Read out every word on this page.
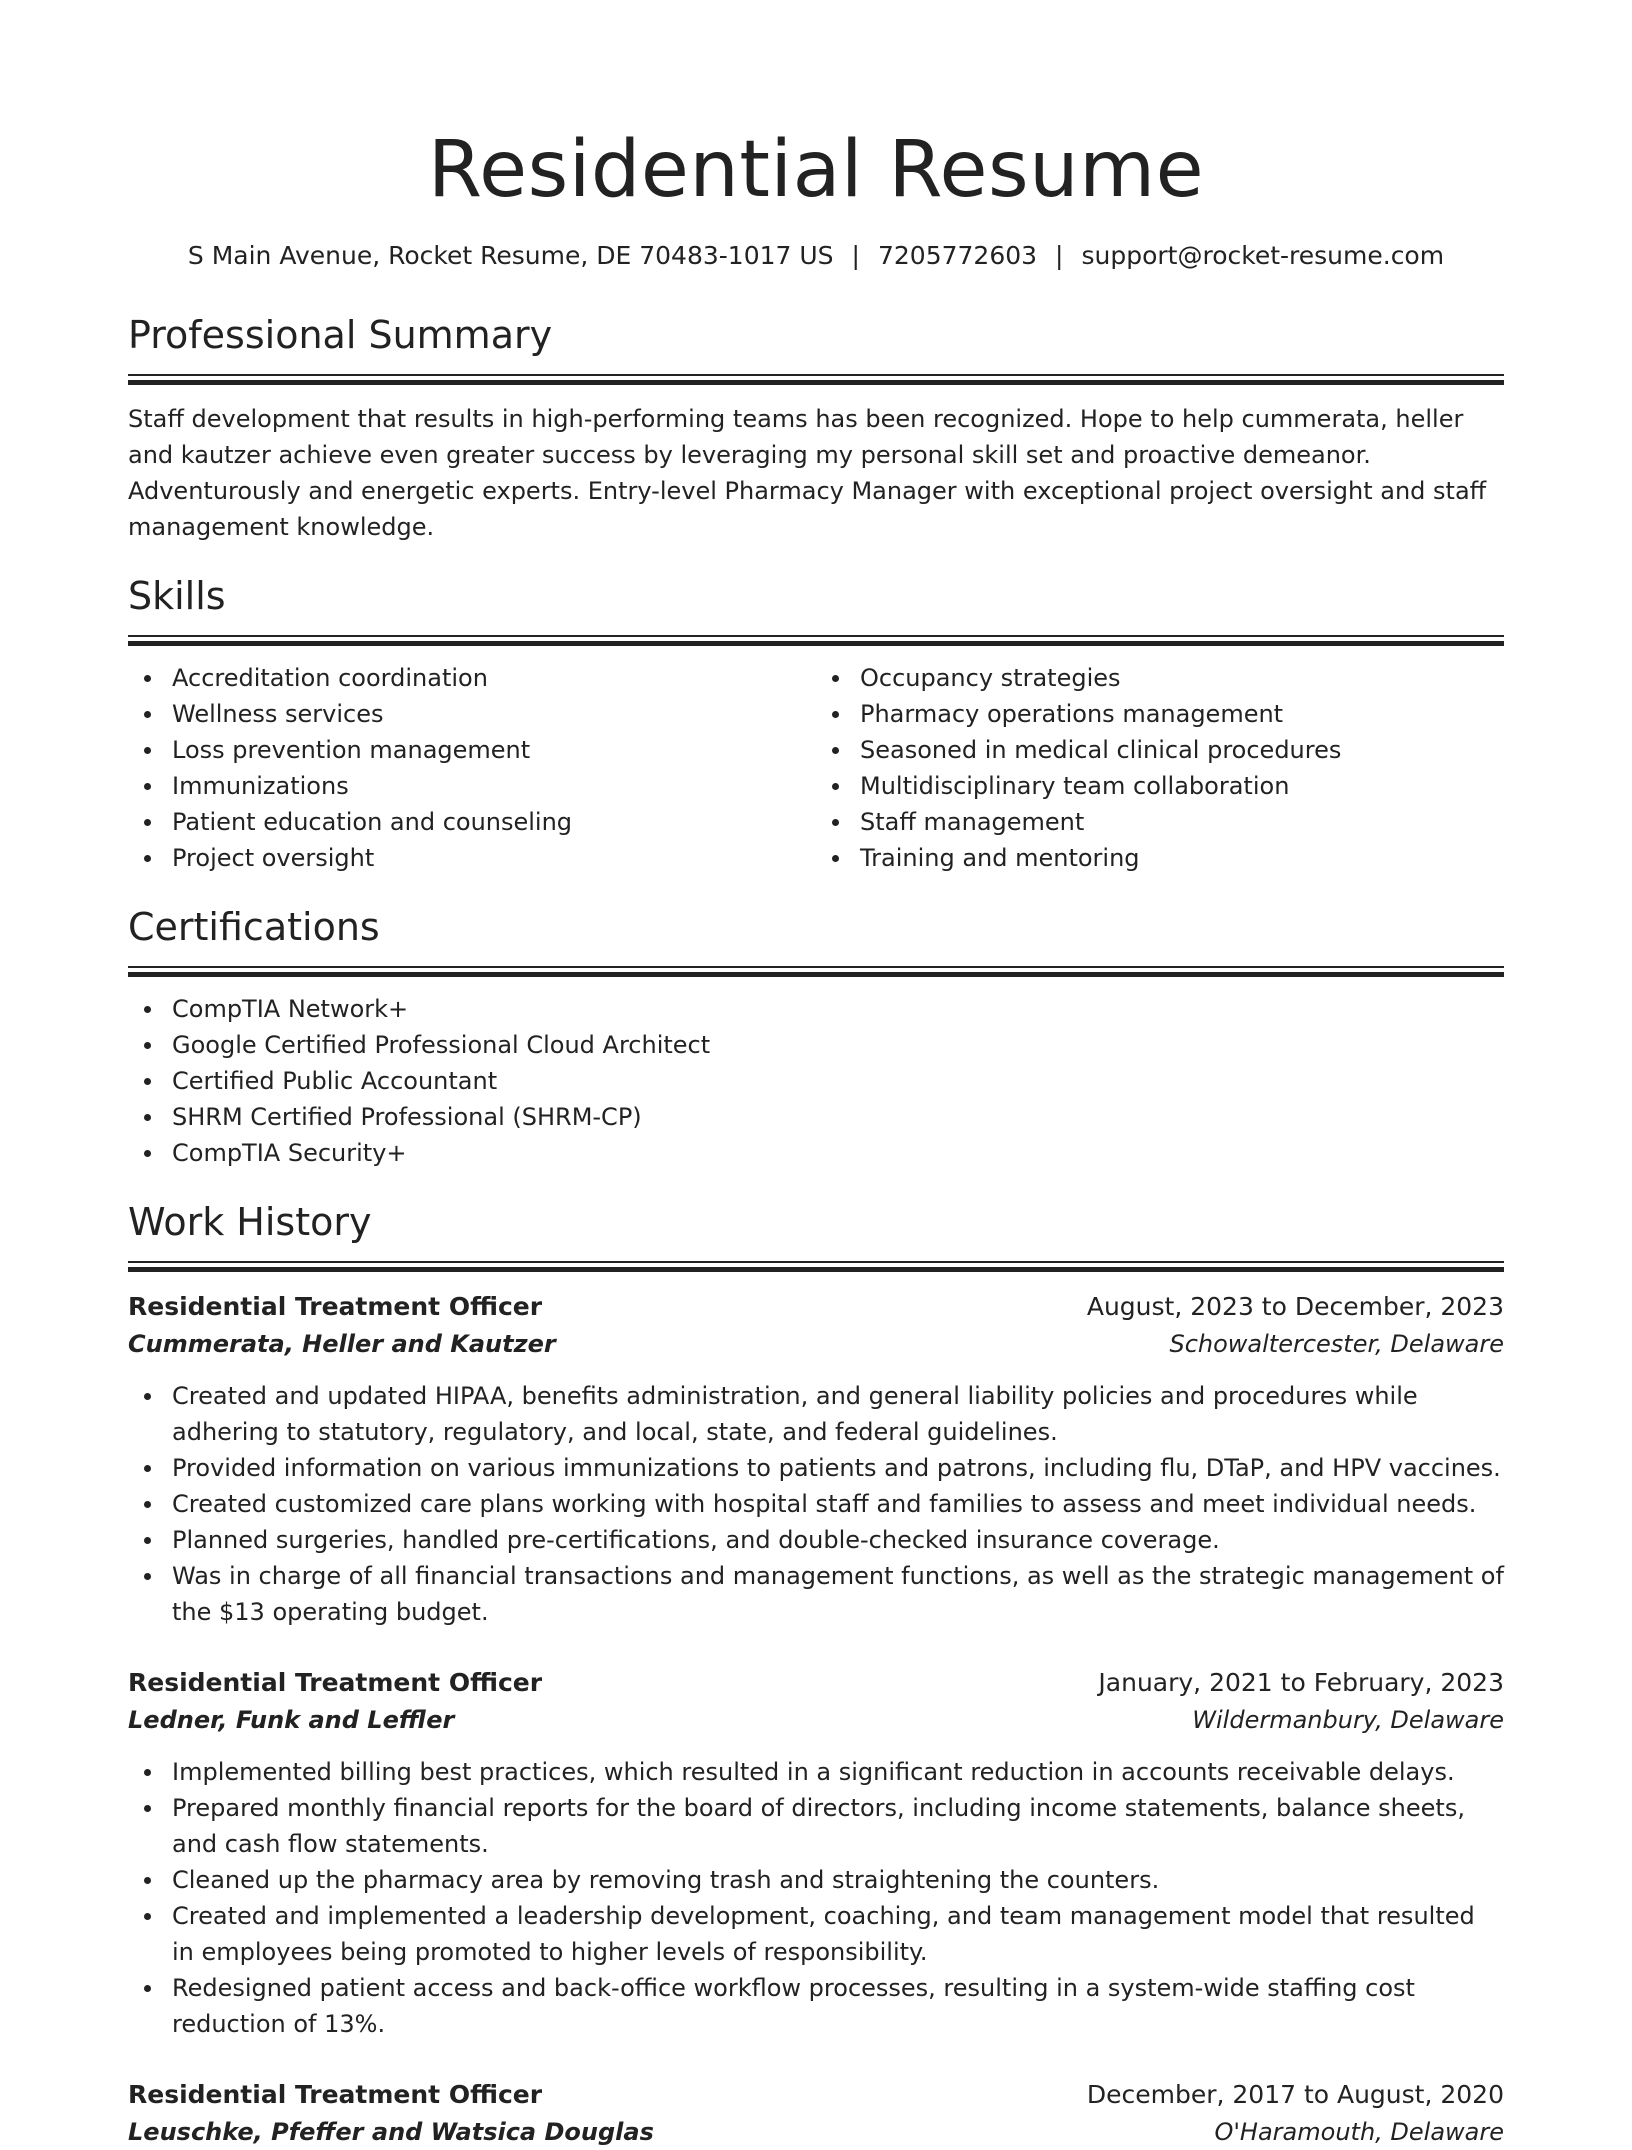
Residential Resume
S Main Avenue, Rocket Resume, DE 70483-1017 US | 7205772603 | support@rocket-resume.com
Professional Summary

Staff development that results in high-performing teams has been recognized. Hope to help cummerata, heller and kautzer achieve even greater success by leveraging my personal skill set and proactive demeanor. Adventurously and energetic experts. Entry-level Pharmacy Manager with exceptional project oversight and staff management knowledge.

Skills
Accreditation coordination
Wellness services
Loss prevention management
Immunizations
Patient education and counseling
Project oversight
Occupancy strategies
Pharmacy operations management
Seasoned in medical clinical procedures
Multidisciplinary team collaboration
Staff management
Training and mentoring
Certifications
CompTIA Network+
Google Certified Professional Cloud Architect
Certified Public Accountant
SHRM Certified Professional (SHRM-CP)
CompTIA Security+
Work History
Residential Treatment Officer	August, 2023 to December, 2023
Cummerata, Heller and Kautzer	Schowaltercester, Delaware
Created and updated HIPAA, benefits administration, and general liability policies and procedures while adhering to statutory, regulatory, and local, state, and federal guidelines.
Provided information on various immunizations to patients and patrons, including flu, DTaP, and HPV vaccines.
Created customized care plans working with hospital staff and families to assess and meet individual needs.
Planned surgeries, handled pre-certifications, and double-checked insurance coverage.
Was in charge of all financial transactions and management functions, as well as the strategic management of the $13 operating budget.
Residential Treatment Officer	January, 2021 to February, 2023
Ledner, Funk and Leffler	Wildermanbury, Delaware
Implemented billing best practices, which resulted in a significant reduction in accounts receivable delays.
Prepared monthly financial reports for the board of directors, including income statements, balance sheets, and cash flow statements.
Cleaned up the pharmacy area by removing trash and straightening the counters.
Created and implemented a leadership development, coaching, and team management model that resulted in employees being promoted to higher levels of responsibility.
Redesigned patient access and back-office workflow processes, resulting in a system-wide staffing cost reduction of 13%.
Residential Treatment Officer	December, 2017 to August, 2020
Leuschke, Pfeffer and Watsica Douglas	O'Haramouth, Delaware
